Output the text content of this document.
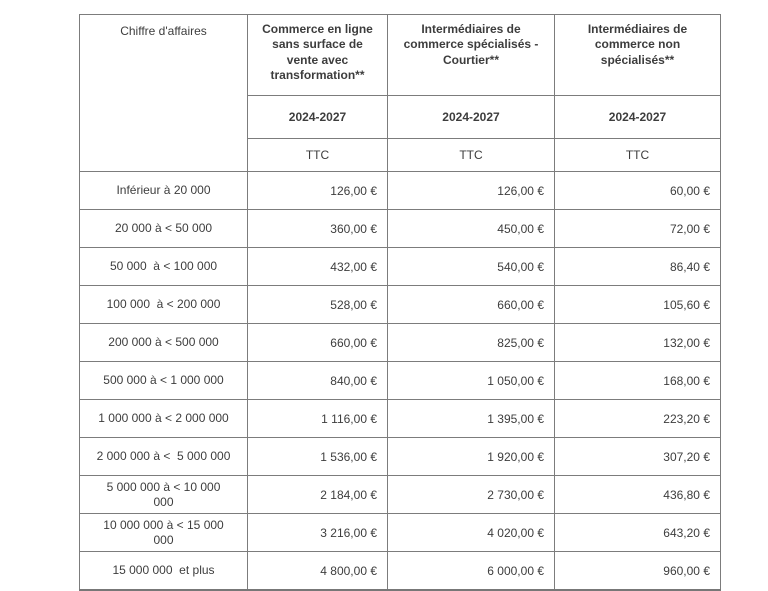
Chiffre d'affaires	Commerce en ligne sans surface de vente avec transformation**	Intermédiaires de commerce spécialisés - Courtier**	Intermédiaires de commerce non spécialisés**
	2024-2027	2024-2027	2024-2027
	TTC	TTC	TTC
Inférieur à 20 000	126,00 €	126,00 €	60,00 €
20 000 à < 50 000	360,00 €	450,00 €	72,00 €
50 000  à < 100 000	432,00 €	540,00 €	86,40 €
100 000  à < 200 000	528,00 €	660,00 €	105,60 €
200 000 à < 500 000	660,00 €	825,00 €	132,00 €
500 000 à < 1 000 000	840,00 €	1 050,00 €	168,00 €
1 000 000 à < 2 000 000	1 116,00 €	1 395,00 €	223,20 €
2 000 000 à <  5 000 000	1 536,00 €	1 920,00 €	307,20 €
5 000 000 à < 10 000 000	2 184,00 €	2 730,00 €	436,80 €
10 000 000 à < 15 000 000	3 216,00 €	4 020,00 €	643,20 €
15 000 000  et plus	4 800,00 €	6 000,00 €	960,00 €
